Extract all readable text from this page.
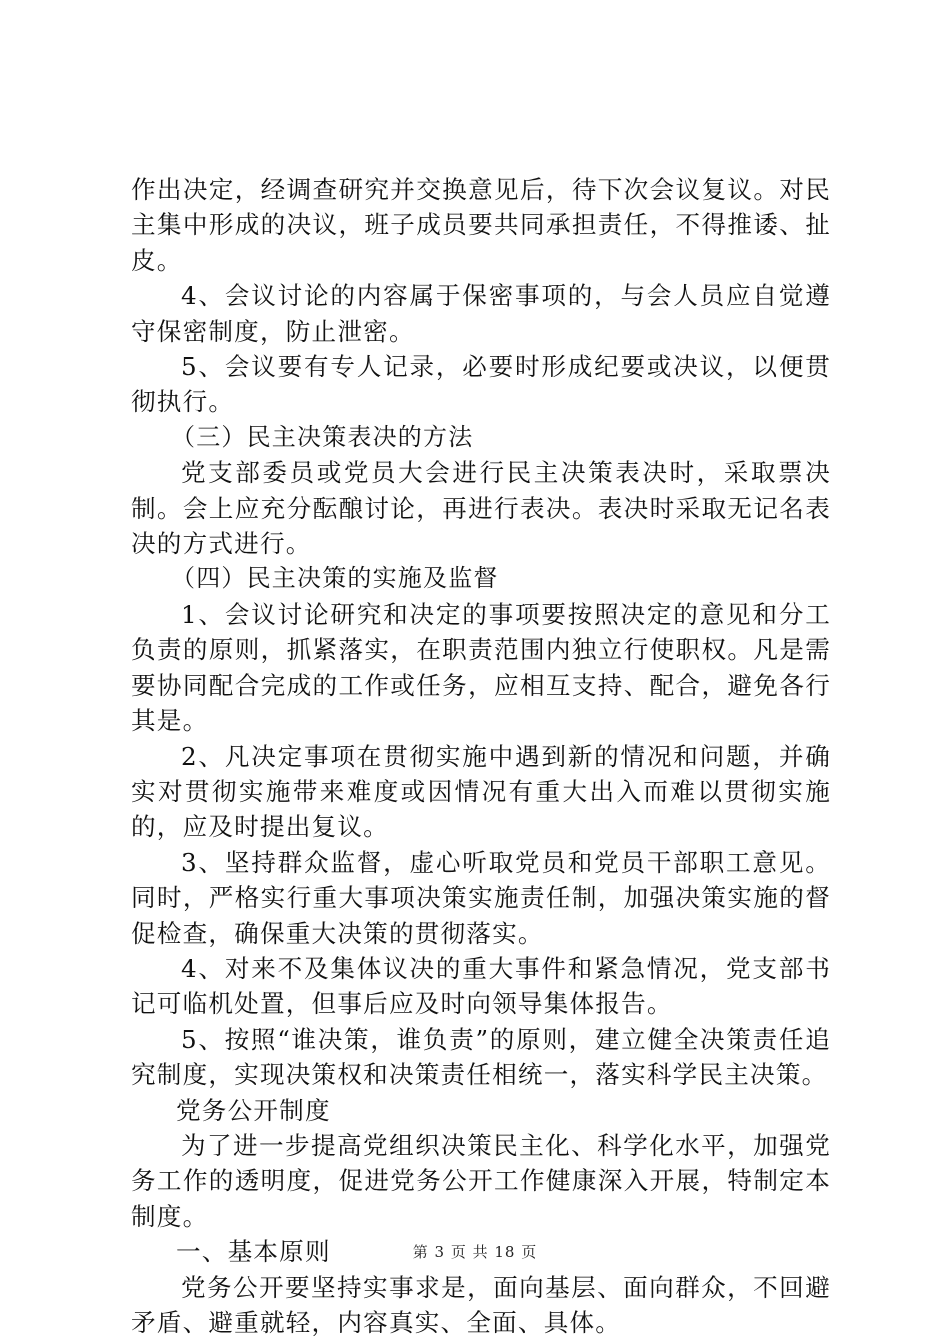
作出决定，经调查研究并交换意见后，待下次会议复议。对民主集中形成的决议，班子成员要共同承担责任，不得推诿、扯皮。

4、会议讨论的内容属于保密事项的，与会人员应自觉遵守保密制度，防止泄密。

5、会议要有专人记录，必要时形成纪要或决议，以便贯彻执行。

（三）民主决策表决的方法

党支部委员或党员大会进行民主决策表决时，采取票决制。会上应充分酝酿讨论，再进行表决。表决时采取无记名表决的方式进行。

（四）民主决策的实施及监督

1、会议讨论研究和决定的事项要按照决定的意见和分工负责的原则，抓紧落实，在职责范围内独立行使职权。凡是需要协同配合完成的工作或任务，应相互支持、配合，避免各行其是。

2、凡决定事项在贯彻实施中遇到新的情况和问题，并确实对贯彻实施带来难度或因情况有重大出入而难以贯彻实施的，应及时提出复议。

3、坚持群众监督，虚心听取党员和党员干部职工意见。同时，严格实行重大事项决策实施责任制，加强决策实施的督促检查，确保重大决策的贯彻落实。

4、对来不及集体议决的重大事件和紧急情况，党支部书记可临机处置，但事后应及时向领导集体报告。

5、按照“谁决策，谁负责”的原则，建立健全决策责任追究制度，实现决策权和决策责任相统一，落实科学民主决策。

党务公开制度

为了进一步提高党组织决策民主化、科学化水平，加强党务工作的透明度，促进党务公开工作健康深入开展，特制定本制度。

一、基本原则

党务公开要坚持实事求是，面向基层、面向群众，不回避矛盾、避重就轻，内容真实、全面、具体。

第 3 页 共 18 页
